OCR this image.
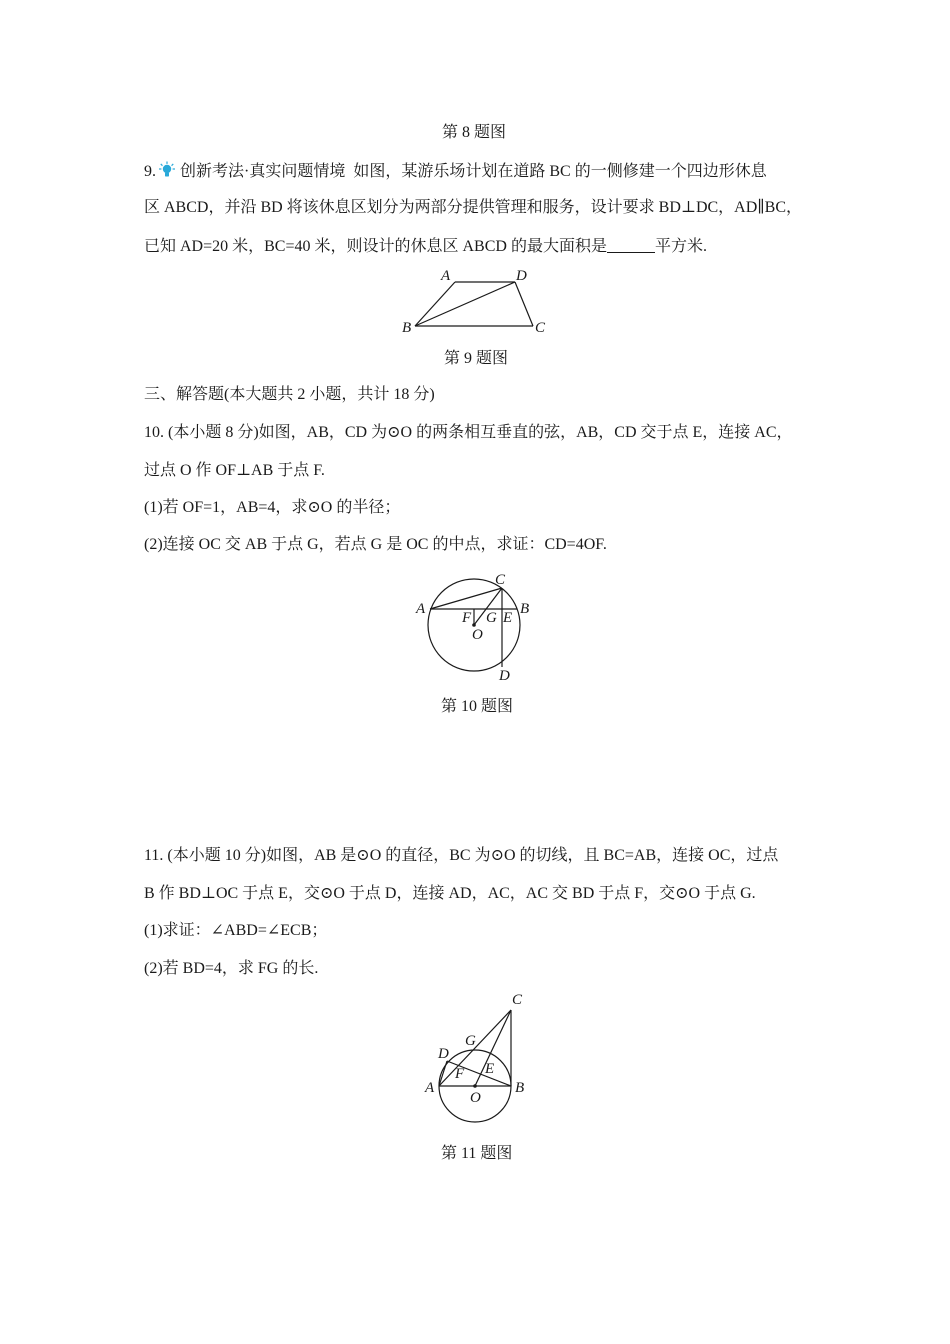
第 8 题图
9. 创新考法·真实问题情境 如图，某游乐场计划在道路 BC 的一侧修建一个四边形休息
区 ABCD，并沿 BD 将该休息区划分为两部分提供管理和服务，设计要求 BD⊥DC，AD∥BC，
已知 AD=20 米，BC=40 米，则设计的休息区 ABCD 的最大面积是	平方米.
A	D
B	C
第 9 题图
三、解答题(本大题共 2 小题，共计 18 分)
10. (本小题 8 分)如图，AB，CD 为⊙O 的两条相互垂直的弦，AB，CD 交于点 E，连接 AC，
过点 O 作 OF⊥AB 于点 F.
(1)若 OF=1，AB=4，求⊙O 的半径；
(2)连接 OC 交 AB 于点 G，若点 G 是 OC 的中点，求证：CD=4OF.
C
A	B
F G E
O
D
第 10 题图
11. (本小题 10 分)如图，AB 是⊙O 的直径，BC 为⊙O 的切线，且 BC=AB，连接 OC，过点
B 作 BD⊥OC 于点 E，交⊙O 于点 D，连接 AD，AC，AC 交 BD 于点 F，交⊙O 于点 G.
(1)求证：∠ABD=∠ECB；
(2)若 BD=4，求 FG 的长.
C
G
D
F E
A	B
O
第 11 题图
